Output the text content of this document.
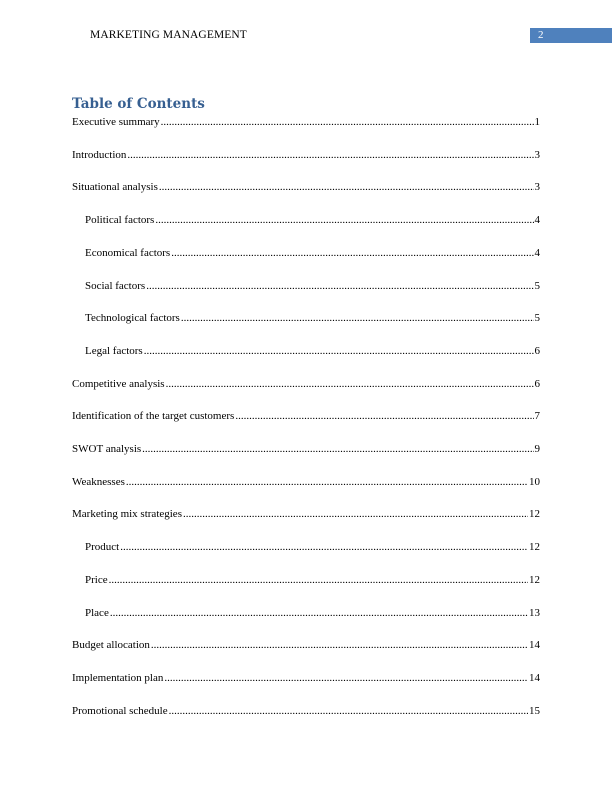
MARKETING MANAGEMENT	2
Table of Contents
Executive summary .....	1
Introduction .....	3
Situational analysis .....	3
Political factors .....	4
Economical factors .....	4
Social factors .....	5
Technological factors .....	5
Legal factors .....	6
Competitive analysis .....	6
Identification of the target customers .....	7
SWOT analysis .....	9
Weaknesses .....	10
Marketing mix strategies .....	12
Product .....	12
Price .....	12
Place .....	13
Budget allocation .....	14
Implementation plan .....	14
Promotional schedule .....	15
